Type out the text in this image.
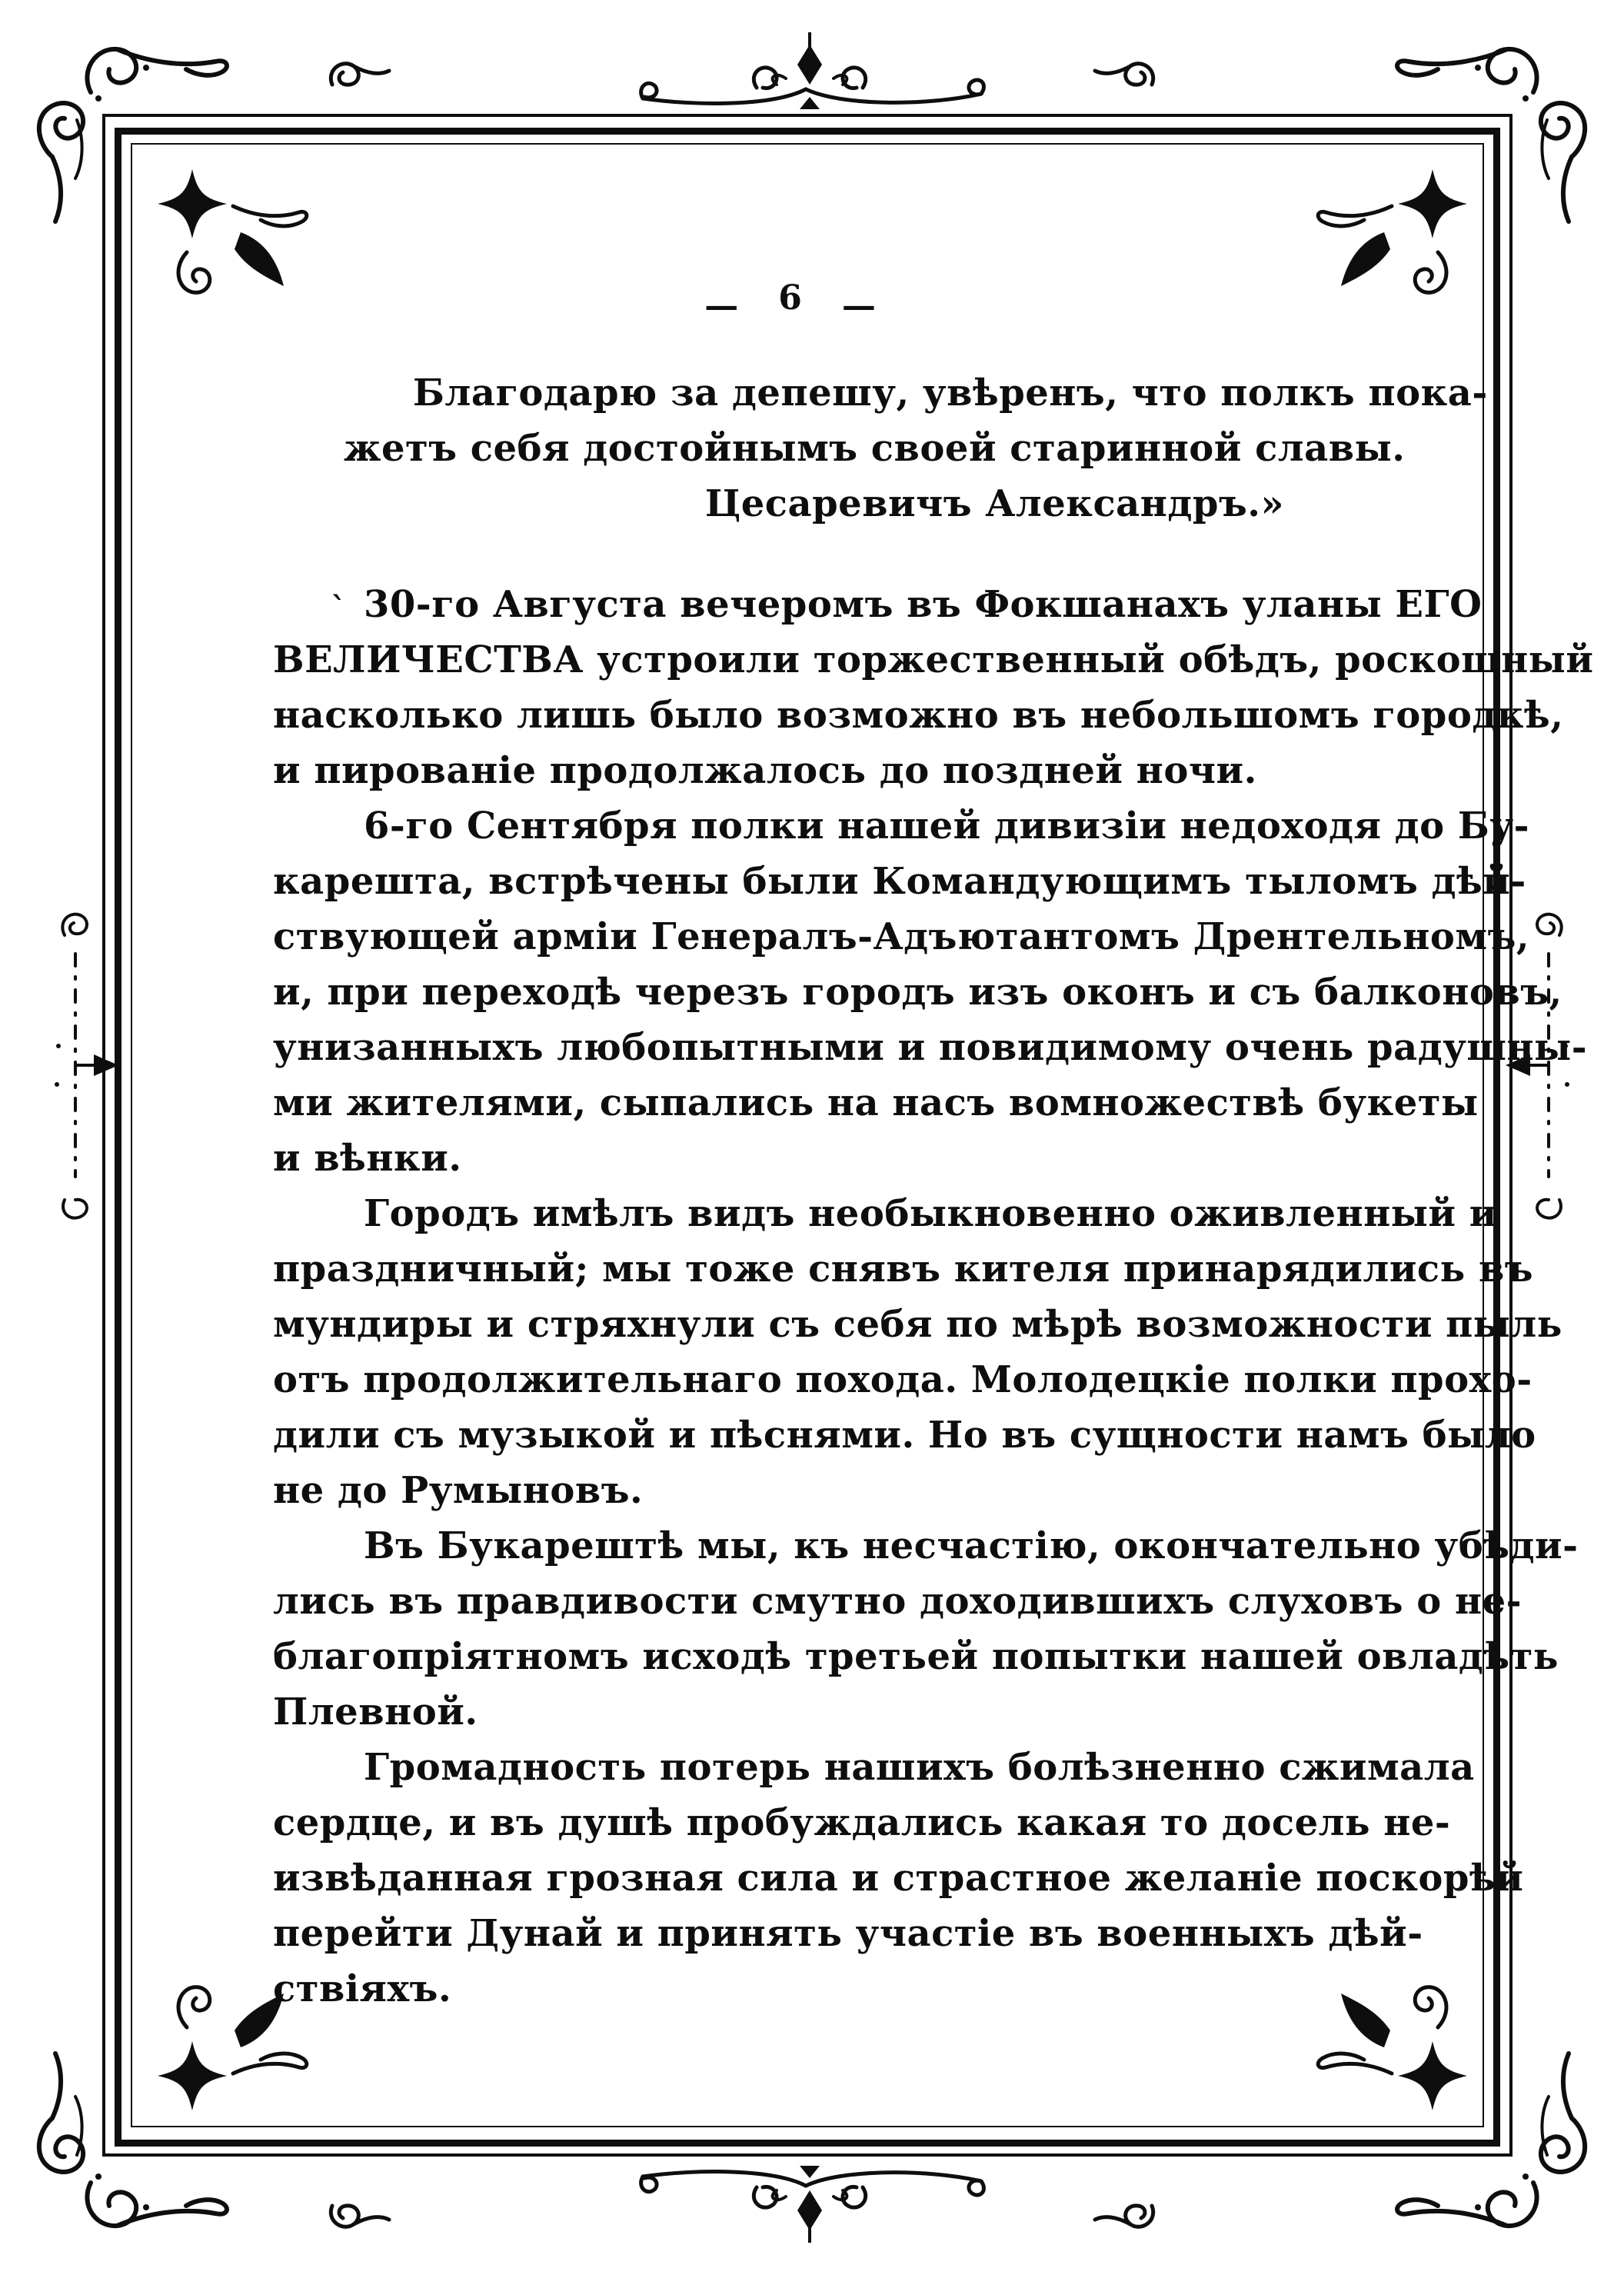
— 6 —
ˋ
Благодарю за депешу, увѣренъ, что полкъ пока-
жетъ себя достойнымъ своей старинной славы.
Цесаревичъ Александръ.»
30-го Августа вечеромъ въ Фокшанахъ уланы ЕГО
ВЕЛИЧЕСТВА устроили торжественный обѣдъ, роскошный
насколько лишь было возможно въ небольшомъ городкѣ,
и пированіе продолжалось до поздней ночи.
6-го Сентября полки нашей дивизіи недоходя до Бу-
карешта, встрѣчены были Командующимъ тыломъ дѣй-
ствующей арміи Генералъ-Адъютантомъ Дрентельномъ,
и, при переходѣ черезъ городъ изъ оконъ и съ балконовъ,
унизанныхъ любопытными и повидимому очень радушны-
ми жителями, сыпались на насъ вомножествѣ букеты
и вѣнки.
Городъ имѣлъ видъ необыкновенно оживленный и
праздничный; мы тоже снявъ кителя принарядились въ
мундиры и стряхнули съ себя по мѣрѣ возможности пыль
отъ продолжительнаго похода. Молодецкіе полки прохо-
дили съ музыкой и пѣснями. Но въ сущности намъ было
не до Румыновъ.
Въ Букарештѣ мы, къ несчастію, окончательно убѣди-
лись въ правдивости смутно доходившихъ слуховъ о не-
благопріятномъ исходѣ третьей попытки нашей овладѣть
Плевной.
Громадность потерь нашихъ болѣзненно сжимала
сердце, и въ душѣ пробуждались какая то досель не-
извѣданная грозная сила и страстное желаніе поскорѣй
перейти Дунай и принять участіе въ военныхъ дѣй-
ствіяхъ.
